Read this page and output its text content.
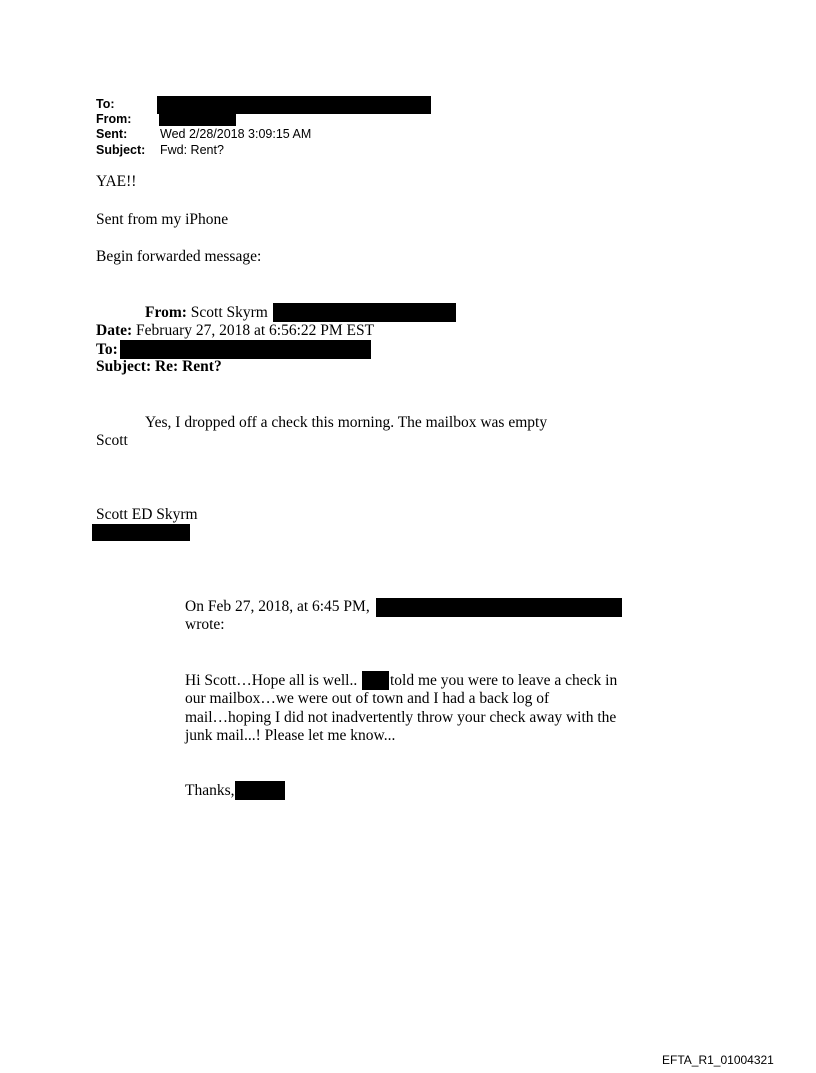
To:
From:
Sent:	Wed 2/28/2018 3:09:15 AM
Subject: Fwd: Rent?
YAE!!
Sent from my iPhone
Begin forwarded message:
From: Scott Skyrm
Date: February 27, 2018 at 6:56:22 PM EST
To:
Subject: Re: Rent?
Yes, I dropped off a check this morning. The mailbox was empty
Scott
Scott ED Skyrm
On Feb 27, 2018, at 6:45 PM,
wrote:
Hi Scott…Hope all is well.. told me you were to leave a check in
our mailbox…we were out of town and I had a back log of
mail…hoping I did not inadvertently throw your check away with the
junk mail...! Please let me know...
Thanks,
EFTA_R1_01004321
